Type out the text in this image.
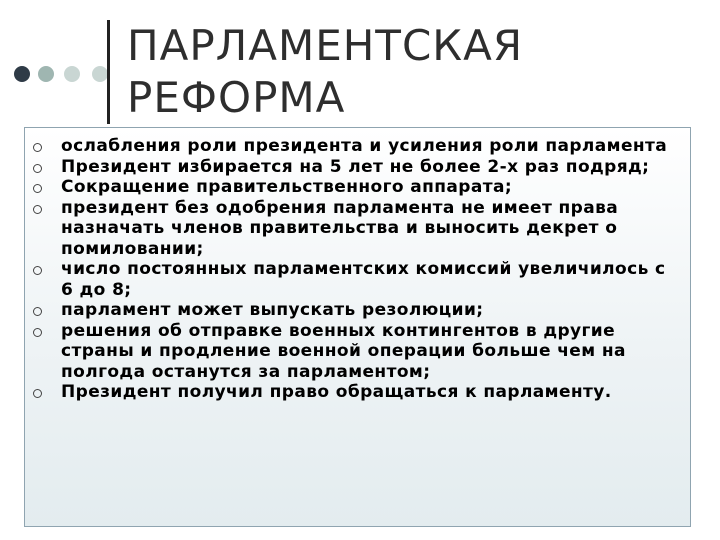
ПАРЛАМЕНТСКАЯ
РЕФОРМА
ослабления роли президента и усиления роли парламента
Президент избирается на 5 лет не более 2-х раз подряд;
Сокращение правительственного аппарата;
президент без одобрения парламента не имеет права назначать членов правительства и выносить декрет о помиловании;
число постоянных парламентских комиссий увеличилось с 6 до 8;
парламент может выпускать резолюции;
решения об отправке военных контингентов в другие страны и продление военной операции больше чем на полгода останутся за парламентом;
Президент получил право обращаться к парламенту.
